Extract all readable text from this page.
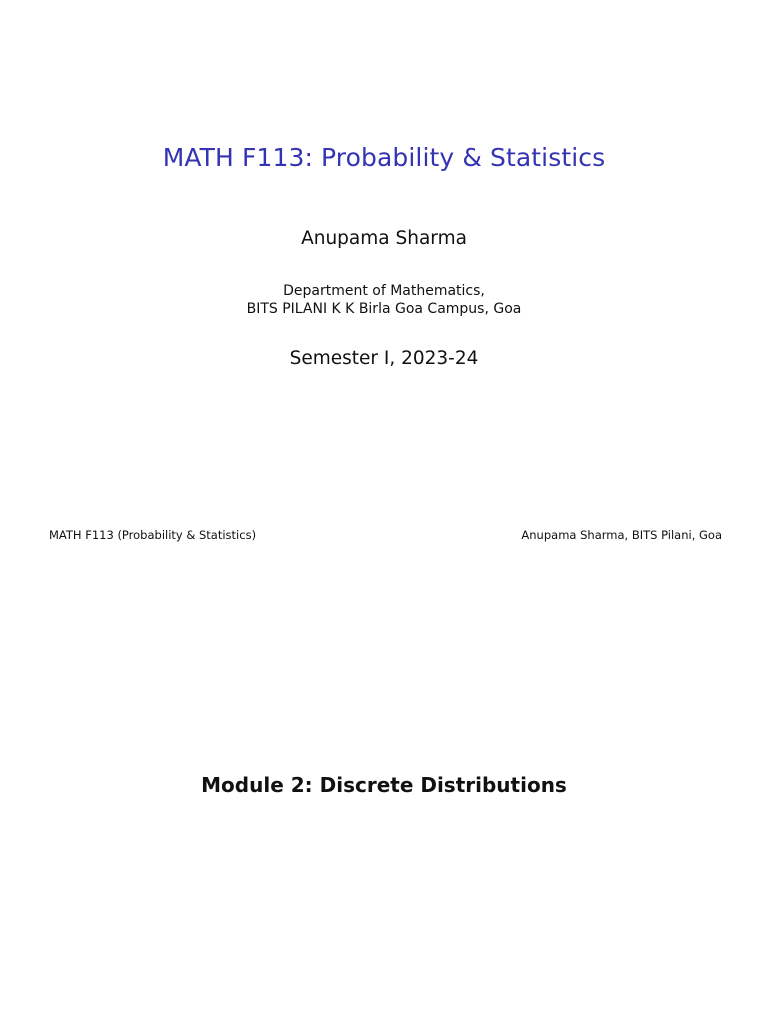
MATH F113: Probability & Statistics
Anupama Sharma
Department of Mathematics,
BITS PILANI K K Birla Goa Campus, Goa
Semester I, 2023-24
MATH F113 (Probability & Statistics)	Anupama Sharma, BITS Pilani, Goa
Module 2: Discrete Distributions
